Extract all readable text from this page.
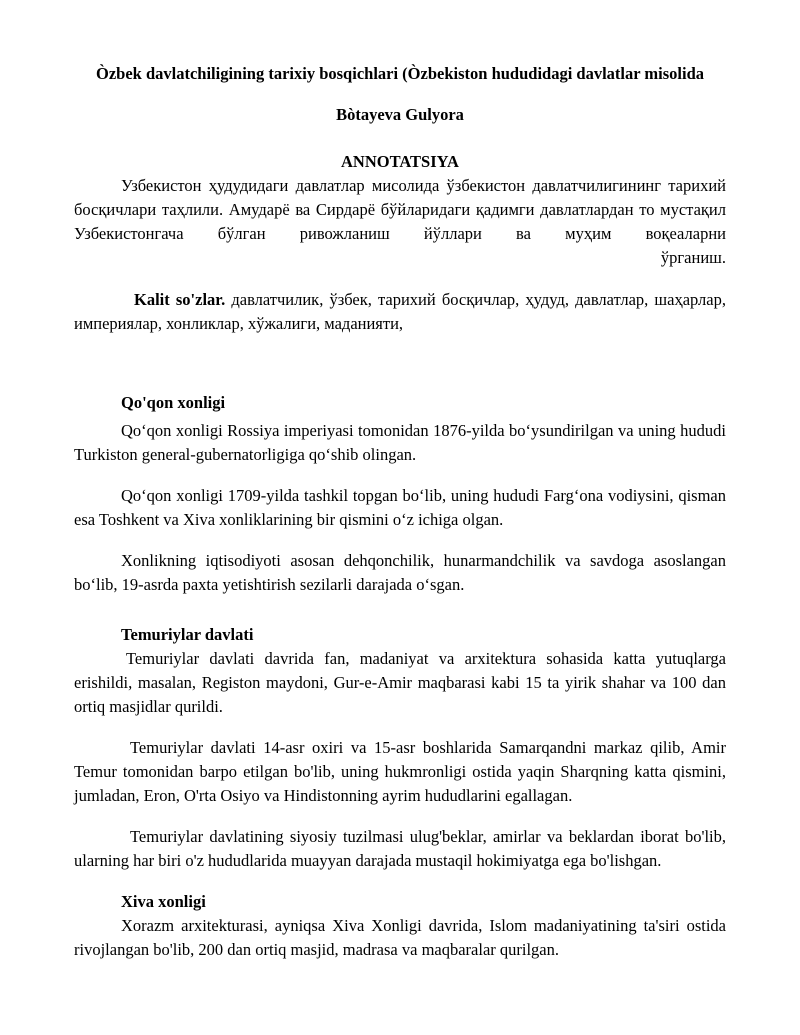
Òzbek davlatchiligining tarixiy bosqichlari (Òzbekiston hududidagi davlatlar misolida

Bòtayeva Gulyora
ANNOTATSIYA

Узбекистон ҳудудидаги давлатлар мисолида ўзбекистон давлатчилигининг тарихий босқичлари таҳлили. Амударё ва Сирдарё бўйларидаги қадимги давлатлардан то мустақил Узбекистонгача бўлган ривожланиш йўллари ва муҳим воқеаларни

ўрганиш.

Kalit so'zlar. давлатчилик, ўзбек, тарихий босқичлар, ҳудуд, давлатлар, шаҳарлар, империялар, хонликлар, хўжалиги, маданияти,

Qo'qon xonligi

Qo‘qon xonligi Rossiya imperiyasi tomonidan 1876-yilda bo‘ysundirilgan va uning hududi Turkiston general-gubernatorligiga qo‘shib olingan.

Qo‘qon xonligi 1709-yilda tashkil topgan bo‘lib, uning hududi Farg‘ona vodiysini, qisman esa Toshkent va Xiva xonliklarining bir qismini o‘z ichiga olgan.

Xonlikning iqtisodiyoti asosan dehqonchilik, hunarmandchilik va savdoga asoslangan bo‘lib, 19-asrda paxta yetishtirish sezilarli darajada o‘sgan.

Temuriylar davlati

Temuriylar davlati davrida fan, madaniyat va arxitektura sohasida katta yutuqlarga erishildi, masalan, Registon maydoni, Gur-e-Amir maqbarasi kabi 15 ta yirik shahar va 100 dan ortiq masjidlar qurildi.

Temuriylar davlati 14-asr oxiri va 15-asr boshlarida Samarqandni markaz qilib, Amir Temur tomonidan barpo etilgan bo'lib, uning hukmronligi ostida yaqin Sharqning katta qismini, jumladan, Eron, O'rta Osiyo va Hindistonning ayrim hududlarini egallagan.

Temuriylar davlatining siyosiy tuzilmasi ulug'beklar, amirlar va beklardan iborat bo'lib, ularning har biri o'z hududlarida muayyan darajada mustaqil hokimiyatga ega bo'lishgan.

Xiva xonligi

Xorazm arxitekturasi, ayniqsa Xiva Xonligi davrida, Islom madaniyatining ta'siri ostida rivojlangan bo'lib, 200 dan ortiq masjid, madrasa va maqbaralar qurilgan.
